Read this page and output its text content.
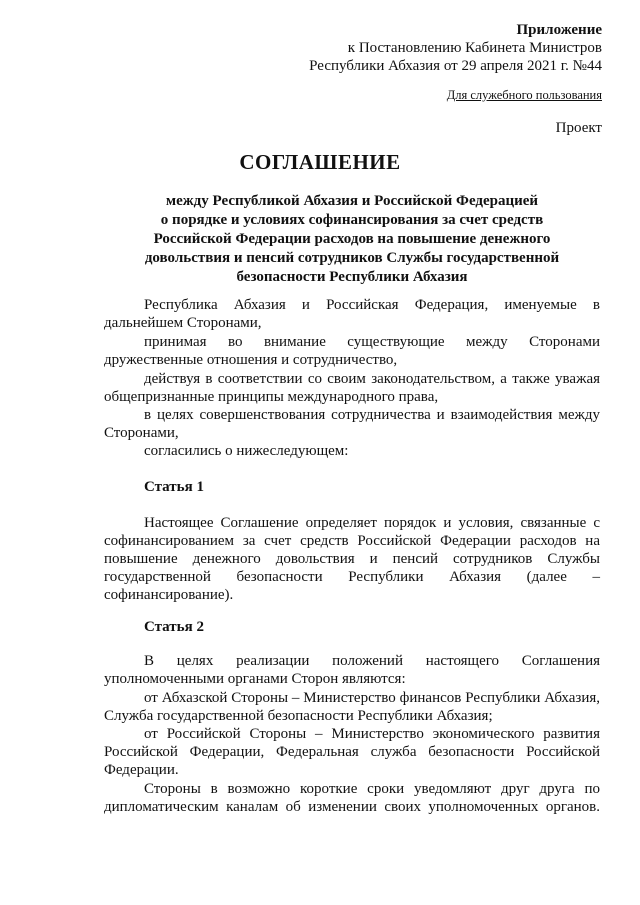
Приложение
к Постановлению Кабинета Министров
Республики Абхазия от 29 апреля 2021 г. №44
Для служебного пользования
Проект
СОГЛАШЕНИЕ
между Республикой Абхазия и Российской Федерацией
о порядке и условиях софинансирования за счет средств
Российской Федерации расходов на повышение денежного
довольствия и пенсий сотрудников Службы государственной
безопасности Республики Абхазия
Республика Абхазия и Российская Федерация, именуемые в
дальнейшем Сторонами,
принимая во внимание существующие между Сторонами
дружественные отношения и сотрудничество,
действуя в соответствии со своим законодательством, а также уважая
общепризнанные принципы международного права,
в целях совершенствования сотрудничества и взаимодействия между
Сторонами,
согласились о нижеследующем:
Статья 1
Настоящее Соглашение определяет порядок и условия, связанные с
софинансированием за счет средств Российской Федерации расходов на
повышение денежного довольствия и пенсий сотрудников Службы
государственной безопасности Республики Абхазия (далее –
софинансирование).
Статья 2
В целях реализации положений настоящего Соглашения
уполномоченными органами Сторон являются:
от Абхазской Стороны – Министерство финансов Республики Абхазия,
Служба государственной безопасности Республики Абхазия;
от Российской Стороны – Министерство экономического развития
Российской Федерации, Федеральная служба безопасности Российской
Федерации.
Стороны в возможно короткие сроки уведомляют друг друга по
дипломатическим каналам об изменении своих уполномоченных органов.
